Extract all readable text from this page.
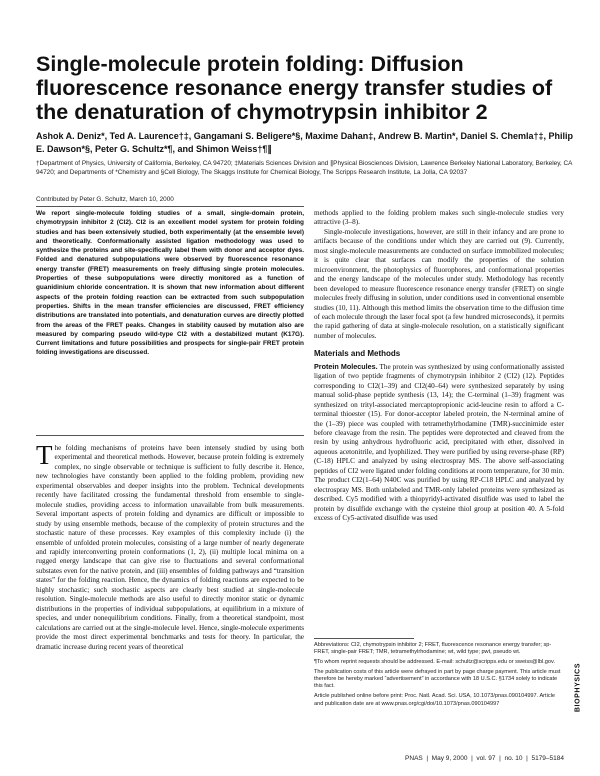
Single-molecule protein folding: Diffusion fluorescence resonance energy transfer studies of the denaturation of chymotrypsin inhibitor 2
Ashok A. Deniz*, Ted A. Laurence†‡, Gangamani S. Beligere*§, Maxime Dahan‡, Andrew B. Martin*, Daniel S. Chemla†‡, Philip E. Dawson*§, Peter G. Schultz*¶, and Shimon Weiss†¶∥
†Department of Physics, University of California, Berkeley, CA 94720; ‡Materials Sciences Division and ∥Physical Biosciences Division, Lawrence Berkeley National Laboratory, Berkeley, CA 94720; and Departments of *Chemistry and §Cell Biology, The Skaggs Institute for Chemical Biology, The Scripps Research Institute, La Jolla, CA 92037
Contributed by Peter G. Schultz, March 10, 2000
We report single-molecule folding studies of a small, single-domain protein, chymotrypsin inhibitor 2 (CI2). CI2 is an excellent model system for protein folding studies and has been extensively studied, both experimentally (at the ensemble level) and theoretically. Conformationally assisted ligation methodology was used to synthesize the proteins and site-specifically label them with donor and acceptor dyes. Folded and denatured subpopulations were observed by fluorescence resonance energy transfer (FRET) measurements on freely diffusing single protein molecules. Properties of these subpopulations were directly monitored as a function of guanidinium chloride concentration. It is shown that new information about different aspects of the protein folding reaction can be extracted from such subpopulation properties. Shifts in the mean transfer efficiencies are discussed, FRET efficiency distributions are translated into potentials, and denaturation curves are directly plotted from the areas of the FRET peaks. Changes in stability caused by mutation also are measured by comparing pseudo wild-type CI2 with a destabilized mutant (K17G). Current limitations and future possibilities and prospects for single-pair FRET protein folding investigations are discussed.
The folding mechanisms of proteins have been intensely studied by using both experimental and theoretical methods. However, because protein folding is extremely complex, no single observable or technique is sufficient to fully describe it. Hence, new technologies have constantly been applied to the folding problem, providing new experimental observables and deeper insights into the problem. Technical developments recently have facilitated crossing the fundamental threshold from ensemble to single-molecule studies, providing access to information unavailable from bulk measurements. Several important aspects of protein folding and dynamics are difficult or impossible to study by using ensemble methods, because of the complexity of protein structures and the stochastic nature of these processes. Key examples of this complexity include (i) the ensemble of unfolded protein molecules, consisting of a large number of nearly degenerate and rapidly interconverting protein conformations (1, 2), (ii) multiple local minima on a rugged energy landscape that can give rise to fluctuations and several conformational substates even for the native protein, and (iii) ensembles of folding pathways and “transition states” for the folding reaction. Hence, the dynamics of folding reactions are expected to be highly stochastic; such stochastic aspects are clearly best studied at single-molecule resolution. Single-molecule methods are also useful to directly monitor static or dynamic distributions in the properties of individual subpopulations, at equilibrium in a mixture of species, and under nonequilibrium conditions. Finally, from a theoretical standpoint, most calculations are carried out at the single-molecule level. Hence, single-molecule experiments provide the most direct experimental benchmarks and tests for theory. In particular, the dramatic increase during recent years of theoretical

methods applied to the folding problem makes such single-molecule studies very attractive (3–8).

Single-molecule investigations, however, are still in their infancy and are prone to artifacts because of the conditions under which they are carried out (9). Currently, most single-molecule measurements are conducted on surface immobilized molecules; it is quite clear that surfaces can modify the properties of the solution microenvironment, the photophysics of fluorophores, and conformational properties and the energy landscape of the molecules under study. Methodology has recently been developed to measure fluorescence resonance energy transfer (FRET) on single molecules freely diffusing in solution, under conditions used in conventional ensemble studies (10, 11). Although this method limits the observation time to the diffusion time of each molecule through the laser focal spot (a few hundred microseconds), it permits the rapid gathering of data at single-molecule resolution, on a statistically significant number of molecules.

Materials and Methods

Protein Molecules. The protein was synthesized by using conformationally assisted ligation of two peptide fragments of chymotrypsin inhibitor 2 (CI2) (12). Peptides corresponding to CI2(1–39) and CI2(40–64) were synthesized separately by using manual solid-phase peptide synthesis (13, 14); the C-terminal (1–39) fragment was synthesized on trityl-associated mercaptopropionic acid-leucine resin to afford a C-terminal thioester (15). For donor-acceptor labeled protein, the N-terminal amine of the (1–39) piece was coupled with tetramethylrhodamine (TMR)-succinimide ester before cleavage from the resin. The peptides were deprotected and cleaved from the resin by using anhydrous hydrofluoric acid, precipitated with ether, dissolved in aqueous acetonitrile, and lyophilized. They were purified by using reverse-phase (RP) (C-18) HPLC and analyzed by using electrospray MS. The above self-associating peptides of CI2 were ligated under folding conditions at room temperature, for 30 min. The product CI2(1–64) N40C was purified by using RP-C18 HPLC and analyzed by electrospray MS. Both unlabeled and TMR-only labeled proteins were synthesized as described. Cy5 modified with a thiopyridyl-activated disulfide was used to label the protein by disulfide exchange with the cysteine thiol group at position 40. A 5-fold excess of Cy5-activated disulfide was used

Abbreviations: CI2, chymotrypsin inhibitor 2; FRET, fluorescence resonance energy transfer; sp-FRET, single-pair FRET; TMR, tetramethylrhodamine; wt, wild type; pwt, pseudo wt.

¶To whom reprint requests should be addressed. E-mail: schultz@scripps.edu or sweiss@lbl.gov.

The publication costs of this article were defrayed in part by page charge payment. This article must therefore be hereby marked “advertisement” in accordance with 18 U.S.C. §1734 solely to indicate this fact.

Article published online before print: Proc. Natl. Acad. Sci. USA, 10.1073/pnas.090104997. Article and publication date are at www.pnas.org/cgi/doi/10.1073/pnas.090104997	BIOPHYSICS
PNAS  |  May 9, 2000  |  vol. 97  |  no. 10  |  5179–5184
